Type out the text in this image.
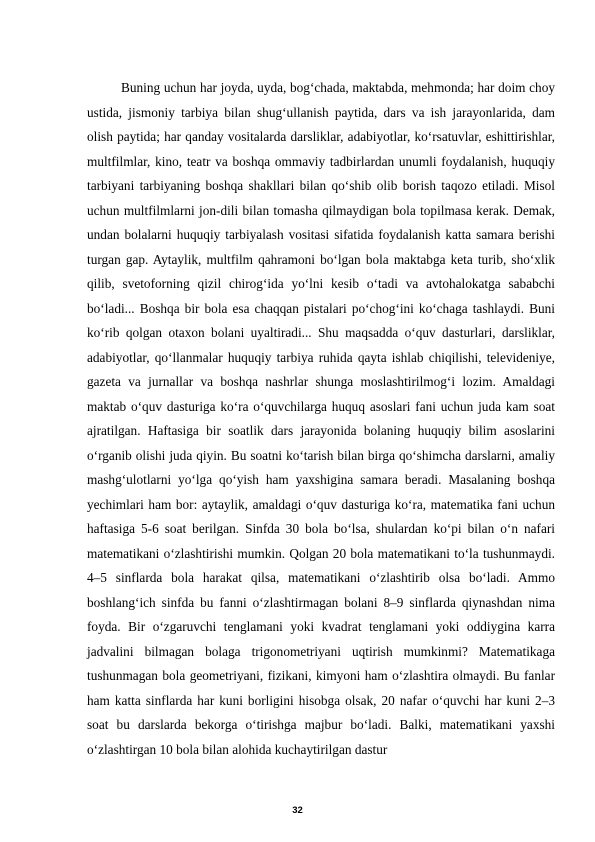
Buning uchun har joyda, uyda, bog‘chada, maktabda, mehmonda; har doim choy ustida, jismoniy tarbiya bilan shug‘ullanish paytida, dars va ish jarayonlarida, dam olish paytida; har qanday vositalarda darsliklar, adabiyotlar, ko‘rsatuvlar, eshittirishlar, multfilmlar, kino, teatr va boshqa ommaviy tadbirlardan unumli foydalanish, huquqiy tarbiyani tarbiyaning boshqa shakllari bilan qo‘shib olib borish taqozo etiladi. Misol uchun multfilmlarni jon-dili bilan tomasha qilmaydigan bola topilmasa kerak. Demak, undan bolalarni huquqiy tarbiyalash vositasi sifatida foydalanish katta samara berishi turgan gap. Aytaylik, multfilm qahramoni bo‘lgan bola maktabga keta turib, sho‘xlik qilib, svetoforning qizil chirog‘ida yo‘lni kesib o‘tadi va avtohalokatga sababchi bo‘ladi... Boshqa bir bola esa chaqqan pistalari po‘chog‘ini ko‘chaga tashlaydi. Buni ko‘rib qolgan otaxon bolani uyaltiradi... Shu maqsadda o‘quv dasturlari, darsliklar, adabiyotlar, qo‘llanmalar huquqiy tarbiya ruhida qayta ishlab chiqilishi, televideniye, gazeta va jurnallar va boshqa nashrlar shunga moslashtirilmog‘i lozim. Amaldagi maktab o‘quv dasturiga ko‘ra o‘quvchilarga huquq asoslari fani uchun juda kam soat ajratilgan. Haftasiga bir soatlik dars jarayonida bolaning huquqiy bilim asoslarini o‘rganib olishi juda qiyin. Bu soatni ko‘tarish bilan birga qo‘shimcha darslarni, amaliy mashg‘ulotlarni yo‘lga qo‘yish ham yaxshigina samara beradi. Masalaning boshqa yechimlari ham bor: aytaylik, amaldagi o‘quv dasturiga ko‘ra, matematika fani uchun haftasiga 5-6 soat berilgan. Sinfda 30 bola bo‘lsa, shulardan ko‘pi bilan o‘n nafari matematikani o‘zlashtirishi mumkin. Qolgan 20 bola matematikani to‘la tushunmaydi. 4–5 sinflarda bola harakat qilsa, matematikani o‘zlashtirib olsa bo‘ladi. Ammo boshlang‘ich sinfda bu fanni o‘zlashtirmagan bolani 8–9 sinflarda qiynashdan nima foyda. Bir o‘zgaruvchi tenglamani yoki kvadrat tenglamani yoki oddiygina karra jadvalini bilmagan bolaga trigonometriyani uqtirish mumkinmi? Matematikaga tushunmagan bola geometriyani, fizikani, kimyoni ham o‘zlashtira olmaydi. Bu fanlar ham katta sinflarda har kuni borligini hisobga olsak, 20 nafar o‘quvchi har kuni 2–3 soat bu darslarda bekorga o‘tirishga majbur bo‘ladi. Balki, matematikani yaxshi o‘zlashtirgan 10 bola bilan alohida kuchaytirilgan dastur

32
